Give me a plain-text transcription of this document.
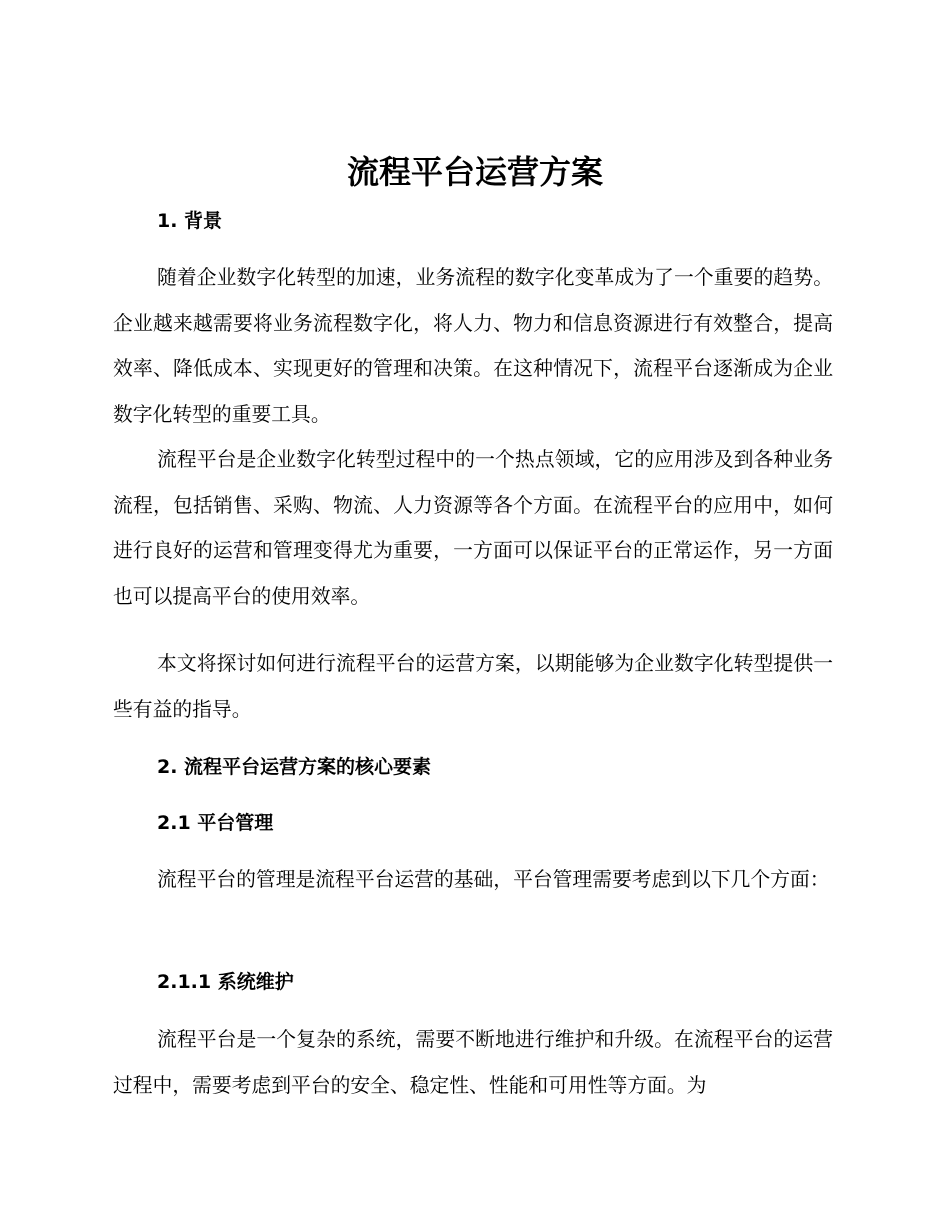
流程平台运营方案
1. 背景
随着企业数字化转型的加速，业务流程的数字化变革成为了一个重要的趋势。企业越来越需要将业务流程数字化，将人力、物力和信息资源进行有效整合，提高效率、降低成本、实现更好的管理和决策。在这种情况下，流程平台逐渐成为企业数字化转型的重要工具。
流程平台是企业数字化转型过程中的一个热点领域，它的应用涉及到各种业务流程，包括销售、采购、物流、人力资源等各个方面。在流程平台的应用中，如何进行良好的运营和管理变得尤为重要，一方面可以保证平台的正常运作，另一方面也可以提高平台的使用效率。
本文将探讨如何进行流程平台的运营方案，以期能够为企业数字化转型提供一些有益的指导。
2. 流程平台运营方案的核心要素
2.1 平台管理
流程平台的管理是流程平台运营的基础，平台管理需要考虑到以下几个方面：
2.1.1 系统维护
流程平台是一个复杂的系统，需要不断地进行维护和升级。在流程平台的运营过程中，需要考虑到平台的安全、稳定性、性能和可用性等方面。为
